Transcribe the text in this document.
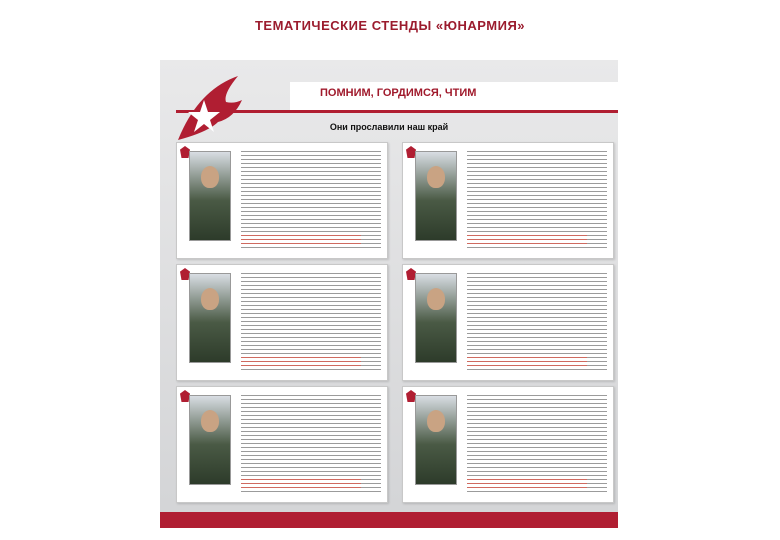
ТЕМАТИЧЕСКИЕ СТЕНДЫ «ЮНАРМИЯ»
ПОМНИМ, ГОРДИМСЯ, ЧТИМ
Они прославили наш край
